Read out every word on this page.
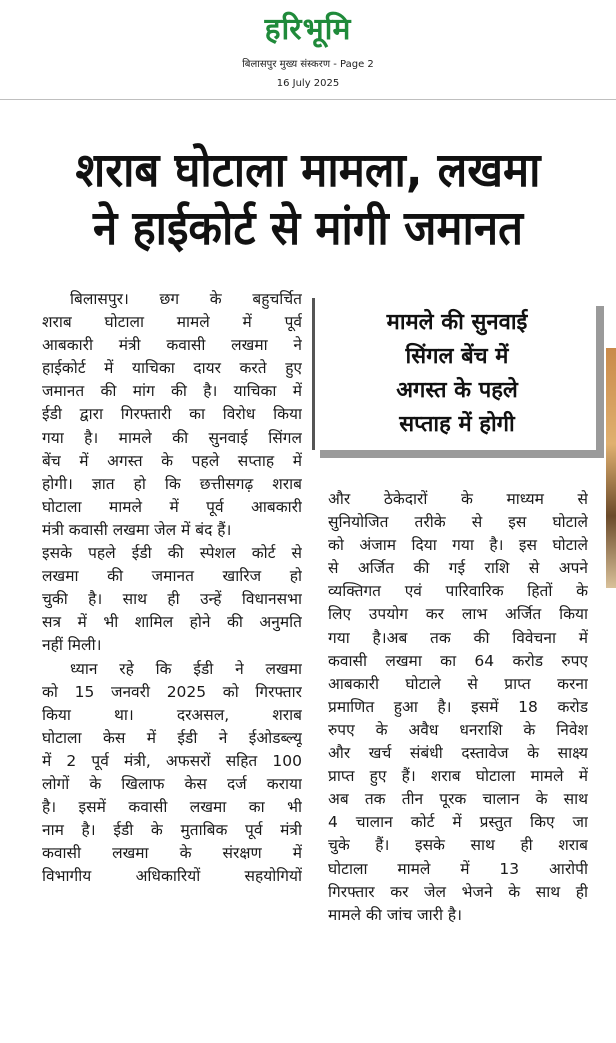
हरिभूमि
बिलासपुर मुख्य संस्करण - Page 2
16 July 2025
शराब घोटाला मामला, लखमा
ने हाईकोर्ट से मांगी जमानत
मामले की सुनवाई
सिंगल बेंच में
अगस्त के पहले
सप्ताह में होगी
बिलासपुर। छग के बहुचर्चित
शराब घोटाला मामले में पूर्व
आबकारी मंत्री कवासी लखमा ने
हाईकोर्ट में याचिका दायर करते हुए
जमानत की मांग की है। याचिका में
ईडी द्वारा गिरफ्तारी का विरोध किया
गया है। मामले की सुनवाई सिंगल
बेंच में अगस्त के पहले सप्ताह में
होगी। ज्ञात हो कि छत्तीसगढ़ शराब
घोटाला मामले में पूर्व आबकारी
मंत्री कवासी लखमा जेल में बंद हैं।
इसके पहले ईडी की स्पेशल कोर्ट से
लखमा की जमानत खारिज हो
चुकी है। साथ ही उन्हें विधानसभा
सत्र में भी शामिल होने की अनुमति
नहीं मिली।
ध्यान रहे कि ईडी ने लखमा
को 15 जनवरी 2025 को गिरफ्तार
किया था। दरअसल, शराब
घोटाला केस में ईडी ने ईओडब्ल्यू
में 2 पूर्व मंत्री, अफसरों सहित 100
लोगों के खिलाफ केस दर्ज कराया
है। इसमें कवासी लखमा का भी
नाम है। ईडी के मुताबिक पूर्व मंत्री
कवासी लखमा के संरक्षण में
विभागीय अधिकारियों सहयोगियों
और ठेकेदारों के माध्यम से
सुनियोजित तरीके से इस घोटाले
को अंजाम दिया गया है। इस घोटाले
से अर्जित की गई राशि से अपने
व्यक्तिगत एवं पारिवारिक हितों के
लिए उपयोग कर लाभ अर्जित किया
गया है।अब तक की विवेचना में
कवासी लखमा का 64 करोड रुपए
आबकारी घोटाले से प्राप्त करना
प्रमाणित हुआ है। इसमें 18 करोड
रुपए के अवैध धनराशि के निवेश
और खर्च संबंधी दस्तावेज के साक्ष्य
प्राप्त हुए हैं। शराब घोटाला मामले में
अब तक तीन पूरक चालान के साथ
4 चालान कोर्ट में प्रस्तुत किए जा
चुके हैं। इसके साथ ही शराब
घोटाला मामले में 13 आरोपी
गिरफ्तार कर जेल भेजने के साथ ही
मामले की जांच जारी है।
